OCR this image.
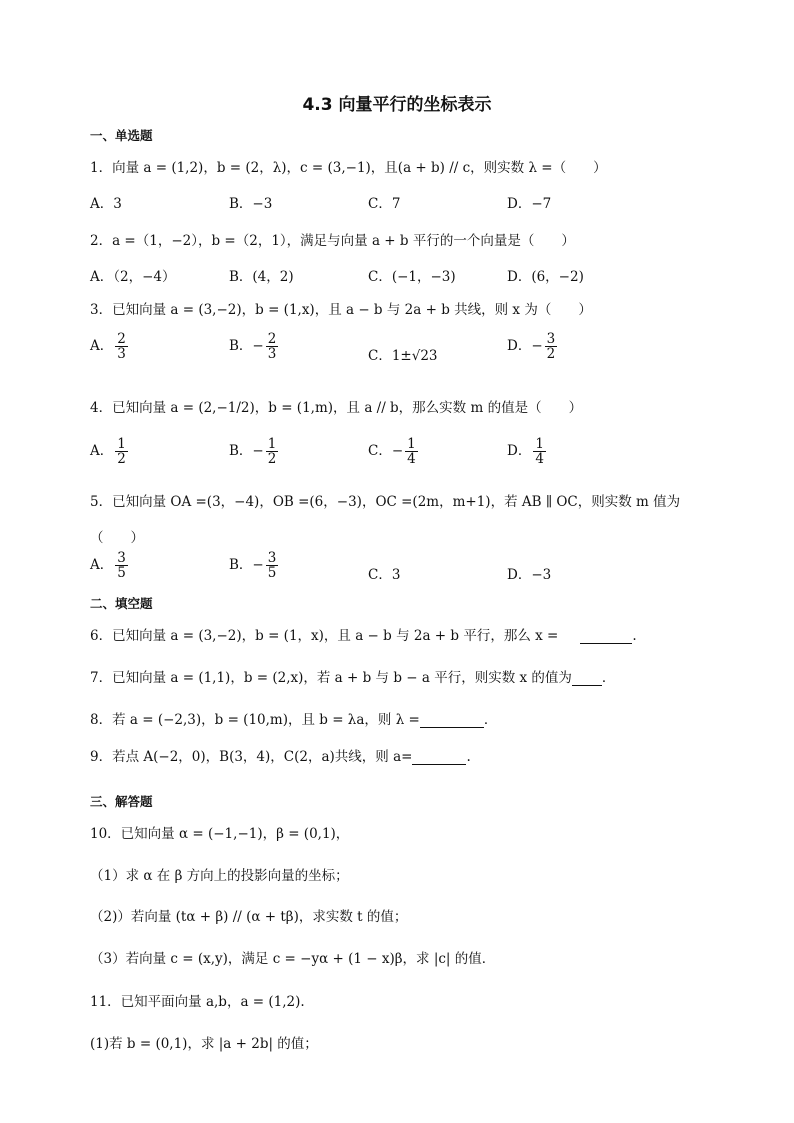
4.3 向量平行的坐标表示
一、单选题
1．向量 a = (1,2)，b = (2，λ)，c = (3,−1)，且(a + b) // c，则实数 λ =（　　）
A．3	B．−3	C．7	D．−7
2．a =（1，−2），b =（2，1），满足与向量 a + b 平行的一个向量是（　　）
A．（2，−4）	B．(4，2)	C．(−1，−3)	D．(6，−2)
3．已知向量 a = (3,−2)，b = (1,x)，且 a − b 与 2a + b 共线，则 x 为（　　）
A． $\frac{2}{3}$	B．− $\frac{2}{3}$	C．1±√23
D．− $\frac{3}{2}$
4．已知向量 a = (2,−1/2)，b = (1,m)，且 a // b，那么实数 m 的值是（　　）
A． $\frac{1}{2}$	B．− $\frac{1}{2}$	C．− $\frac{1}{4}$	D． $\frac{1}{4}$
5．已知向量 OA =(3，−4)，OB =(6，−3)，OC =(2m，m+1)，若 AB ∥ OC，则实数 m 值为
（　　）
A． $\frac{3}{5}$	B．− $\frac{3}{5}$	C．3	D．−3
二、填空题
6．已知向量 a = (3,−2)，b = (1，x)，且 a − b 与 2a + b 平行，那么 x =	.
7．已知向量 a = (1,1)，b = (2,x)，若 a + b 与 b − a 平行，则实数 x 的值为 ．
8．若 a = (−2,3)，b = (10,m)，且 b = λa，则 λ =	．
9．若点 A(−2，0)，B(3，4)，C(2，a)共线，则 a=	.
三、解答题
10．已知向量 α = (−1,−1)，β = (0,1)，
（1）求 α 在 β 方向上的投影向量的坐标；
（2)）若向量 (tα + β) // (α + tβ)，求实数 t 的值；
（3）若向量 c = (x,y)，满足 c = −yα + (1 − x)β，求 |c| 的值．
11．已知平面向量 a,b，a = (1,2).
(1)若 b = (0,1)，求 |a + 2b| 的值；
